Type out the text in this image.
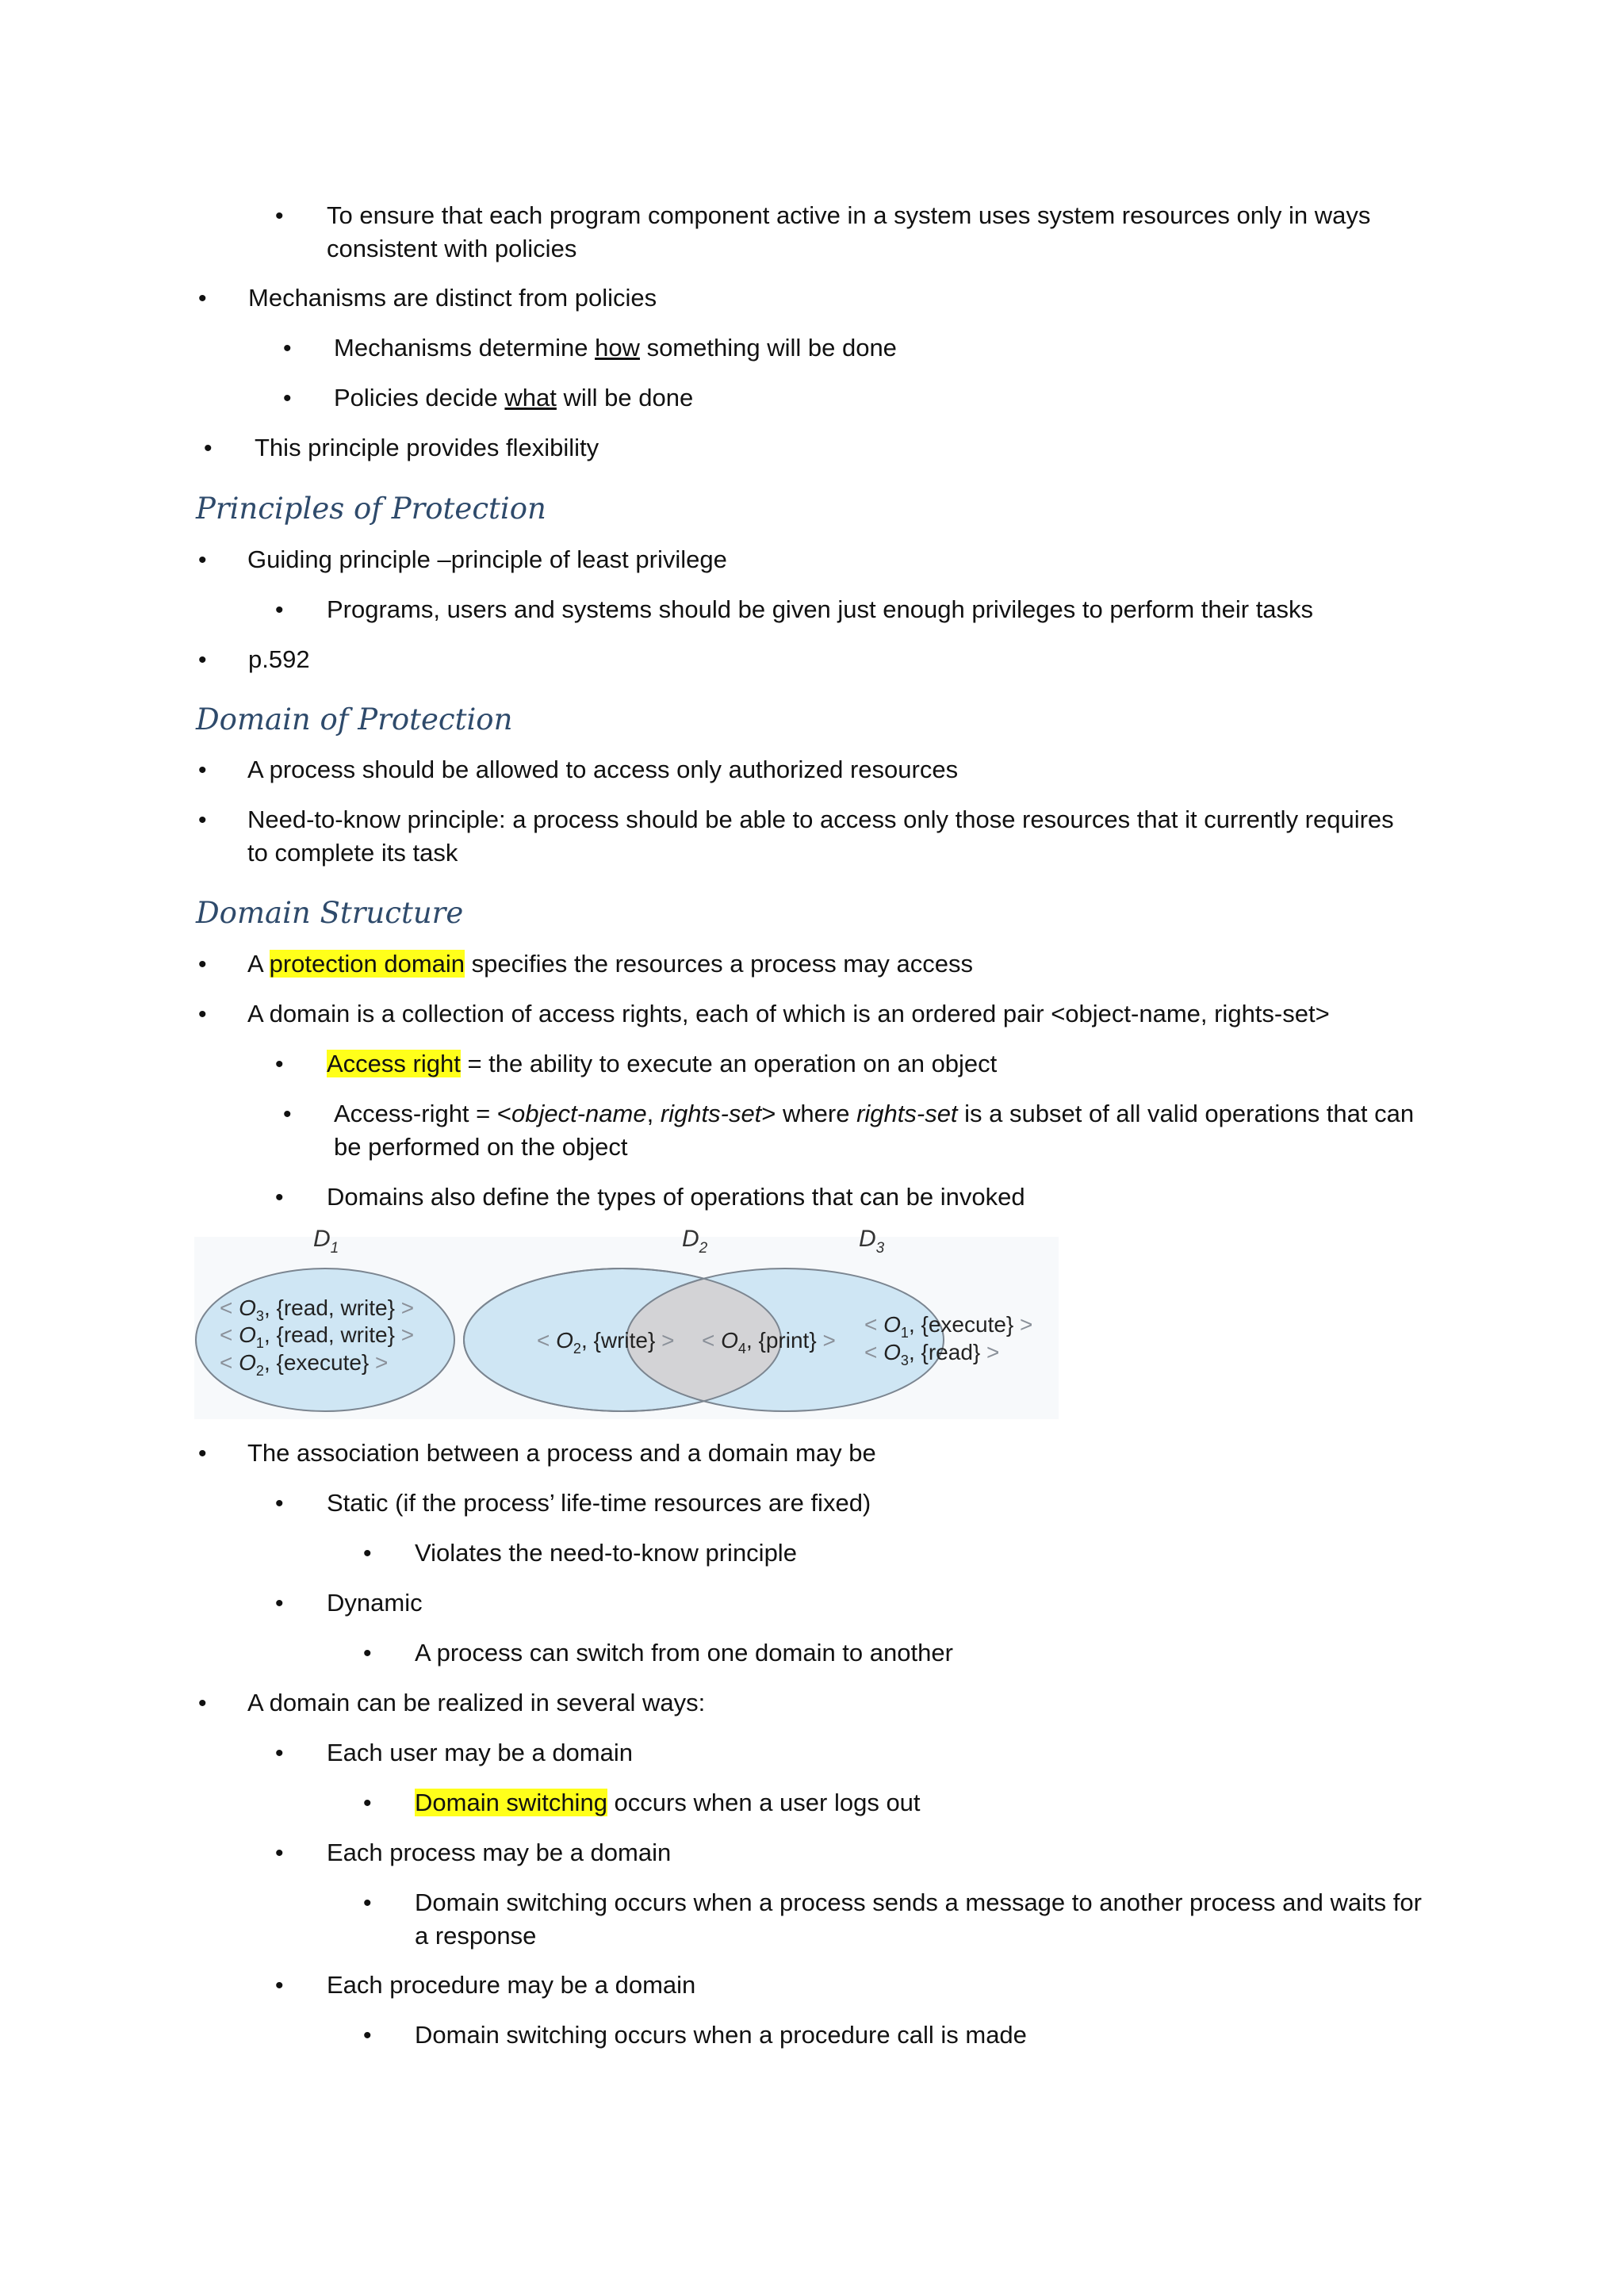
• To ensure that each program component active in a system uses system resources only in ways
consistent with policies
• Mechanisms are distinct from policies
• Mechanisms determine how something will be done
• Policies decide what will be done
• This principle provides flexibility
Principles of Protection
• Guiding principle –principle of least privilege
• Programs, users and systems should be given just enough privileges to perform their tasks
• p.592
Domain of Protection
• A process should be allowed to access only authorized resources
• Need-to-know principle: a process should be able to access only those resources that it currently requires
to complete its task
Domain Structure
• A protection domain specifies the resources a process may access
• A domain is a collection of access rights, each of which is an ordered pair <object-name, rights-set>
• Access right = the ability to execute an operation on an object
• Access-right = <object-name, rights-set> where rights-set is a subset of all valid operations that can
be performed on the object
• Domains also define the types of operations that can be invoked
$D_1$	$D_2$	$D_3$
< $O_3$, {read, write} >
< $O_1$, {read, write} >
< $O_2$, {execute} >
< $O_2$, {write} > < $O_4$, {print} >
< $O_1$, {execute} >
< $O_3$, {read} >
• The association between a process and a domain may be
• Static (if the process’ life-time resources are fixed)
• Violates the need-to-know principle
• Dynamic
• A process can switch from one domain to another
• A domain can be realized in several ways:
• Each user may be a domain
• Domain switching occurs when a user logs out
• Each process may be a domain
• Domain switching occurs when a process sends a message to another process and waits for
a response
• Each procedure may be a domain
• Domain switching occurs when a procedure call is made
